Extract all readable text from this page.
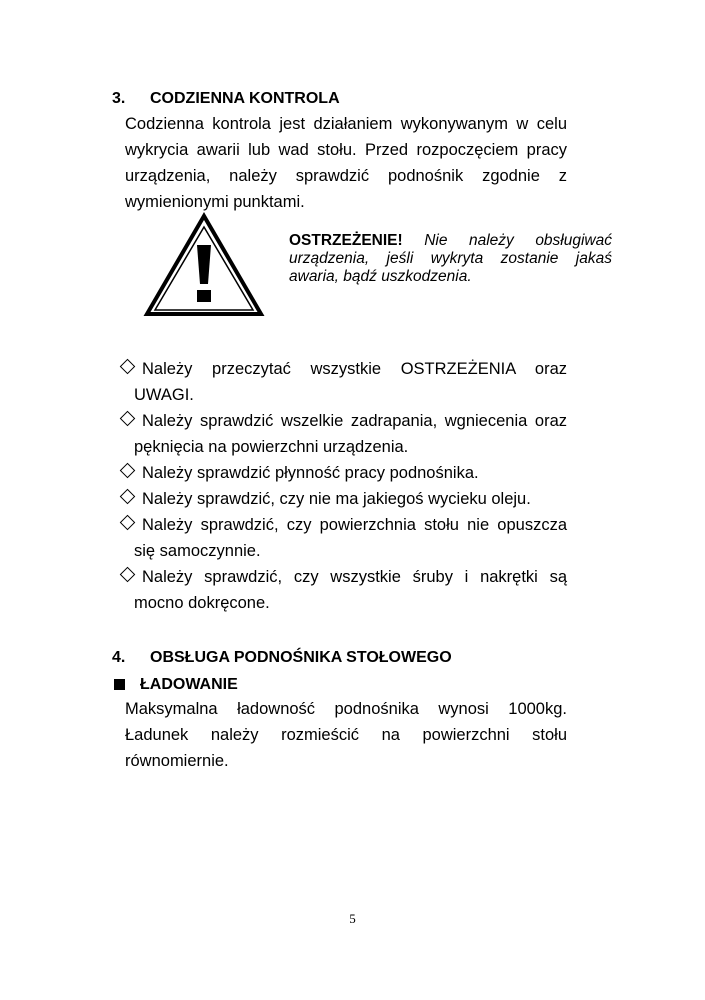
3. CODZIENNA KONTROLA
Codzienna kontrola jest działaniem wykonywanym w celu wykrycia awarii lub wad stołu. Przed rozpoczęciem pracy urządzenia, należy sprawdzić podnośnik zgodnie z wymienionymi punktami.
OSTRZEŻENIE! Nie należy obsługiwać urządzenia, jeśli wykryta zostanie jakaś awaria, bądź uszkodzenia.
Należy przeczytać wszystkie OSTRZEŻENIA oraz UWAGI.
Należy sprawdzić wszelkie zadrapania, wgniecenia oraz pęknięcia na powierzchni urządzenia.
Należy sprawdzić płynność pracy podnośnika.
Należy sprawdzić, czy nie ma jakiegoś wycieku oleju.
Należy sprawdzić, czy powierzchnia stołu nie opuszcza się samoczynnie.
Należy sprawdzić, czy wszystkie śruby i nakrętki są mocno dokręcone.
4. OBSŁUGA PODNOŚNIKA STOŁOWEGO
ŁADOWANIE
Maksymalna ładowność podnośnika wynosi 1000kg. Ładunek należy rozmieścić na powierzchni stołu równomiernie.
5
